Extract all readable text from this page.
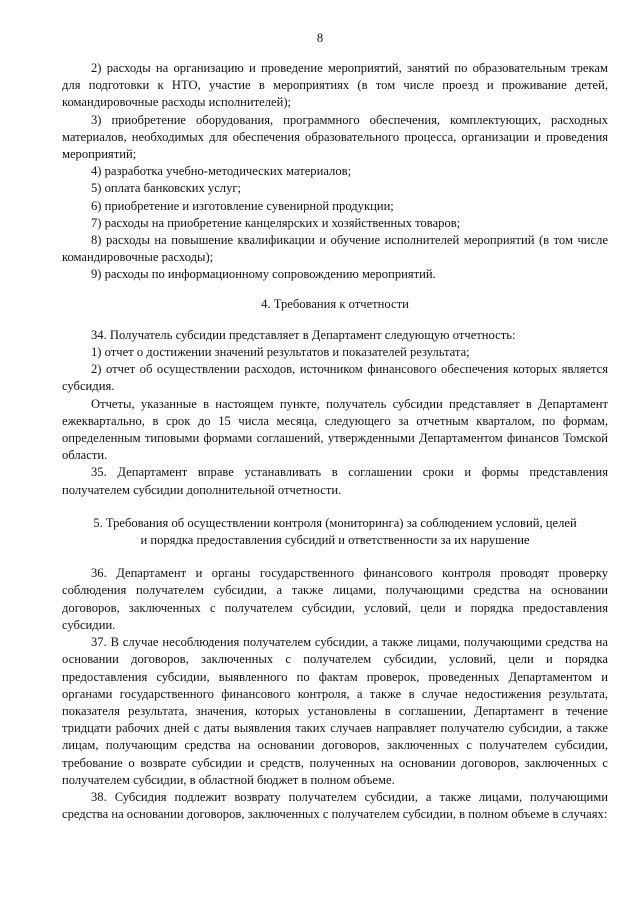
8

2) расходы на организацию и проведение мероприятий, занятий по образовательным трекам для подготовки к НТО, участие в мероприятиях (в том числе проезд и проживание детей, командировочные расходы исполнителей);

3) приобретение оборудования, программного обеспечения, комплектующих, расходных материалов, необходимых для обеспечения образовательного процесса, организации и проведения мероприятий;

4) разработка учебно-методических материалов;

5) оплата банковских услуг;

6) приобретение и изготовление сувенирной продукции;

7) расходы на приобретение канцелярских и хозяйственных товаров;

8) расходы на повышение квалификации и обучение исполнителей мероприятий (в том числе командировочные расходы);

9) расходы по информационному сопровождению мероприятий.

4. Требования к отчетности

34. Получатель субсидии представляет в Департамент следующую отчетность:

1) отчет о достижении значений результатов и показателей результата;

2) отчет об осуществлении расходов, источником финансового обеспечения которых является субсидия.

Отчеты, указанные в настоящем пункте, получатель субсидии представляет в Департамент ежеквартально, в срок до 15 числа месяца, следующего за отчетным кварталом, по формам, определенным типовыми формами соглашений, утвержденными Департаментом финансов Томской области.

35. Департамент вправе устанавливать в соглашении сроки и формы представления получателем субсидии дополнительной отчетности.

5. Требования об осуществлении контроля (мониторинга) за соблюдением условий, целей
и порядка предоставления субсидий и ответственности за их нарушение

36. Департамент и органы государственного финансового контроля проводят проверку соблюдения получателем субсидии, а также лицами, получающими средства на основании договоров, заключенных с получателем субсидии, условий, цели и порядка предоставления субсидии.

37. В случае несоблюдения получателем субсидии, а также лицами, получающими средства на основании договоров, заключенных с получателем субсидии, условий, цели и порядка предоставления субсидии, выявленного по фактам проверок, проведенных Департаментом и органами государственного финансового контроля, а также в случае недостижения результата, показателя результата, значения, которых установлены в соглашении, Департамент в течение тридцати рабочих дней с даты выявления таких случаев направляет получателю субсидии, а также лицам, получающим средства на основании договоров, заключенных с получателем субсидии, требование о возврате субсидии и средств, полученных на основании договоров, заключенных с получателем субсидии, в областной бюджет в полном объеме.

38. Субсидия подлежит возврату получателем субсидии, а также лицами, получающими средства на основании договоров, заключенных с получателем субсидии, в полном объеме в случаях:
